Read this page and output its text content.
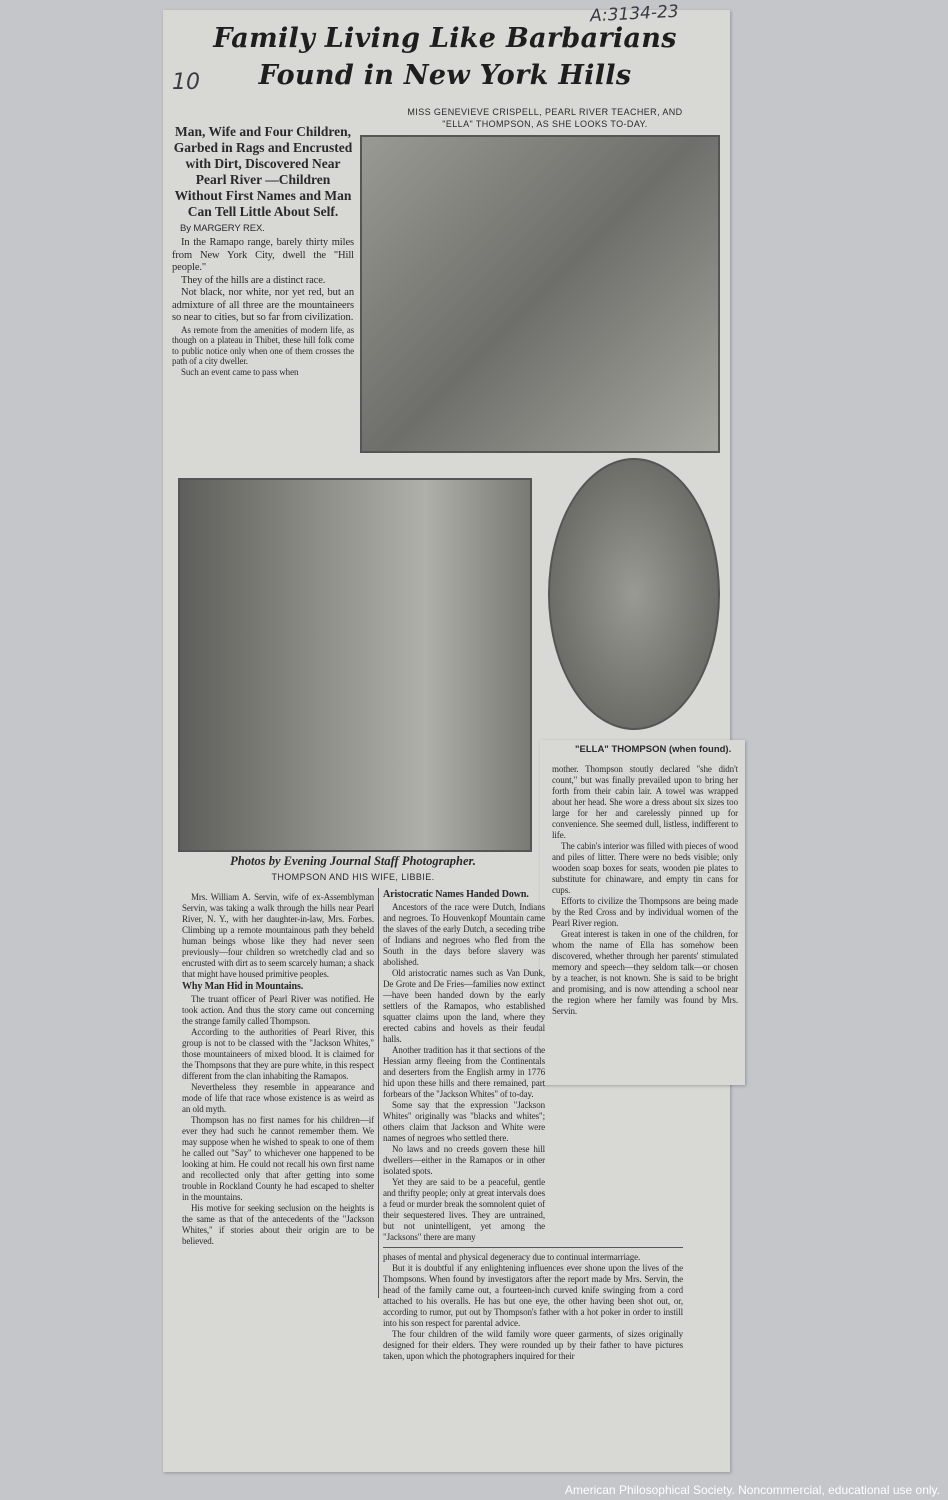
A:3134-23
10
Family Living Like Barbarians
Found in New York Hills
MISS GENEVIEVE CRISPELL, PEARL RIVER TEACHER, AND
"ELLA" THOMPSON, AS SHE LOOKS TO-DAY.
Man, Wife and Four Children, Garbed in Rags and Encrusted with Dirt, Discovered Near Pearl River —Children Without First Names and Man Can Tell Little About Self.
By MARGERY REX.

In the Ramapo range, barely thirty miles from New York City, dwell the "Hill people."

They of the hills are a distinct race.

Not black, nor white, nor yet red, but an admixture of all three are the mountaineers so near to cities, but so far from civilization.

As remote from the amenities of modern life, as though on a plateau in Thibet, these hill folk come to public notice only when one of them crosses the path of a city dweller.

Such an event came to pass when

"ELLA" THOMPSON (when found).
Photos by Evening Journal Staff Photographer.
THOMPSON AND HIS WIFE, LIBBIE.

mother. Thompson stoutly declared "she didn't count," but was finally prevailed upon to bring her forth from their cabin lair. A towel was wrapped about her head. She wore a dress about six sizes too large for her and carelessly pinned up for convenience. She seemed dull, listless, indifferent to life.

The cabin's interior was filled with pieces of wood and piles of litter. There were no beds visible; only wooden soap boxes for seats, wooden pie plates to substitute for chinaware, and empty tin cans for cups.

Efforts to civilize the Thompsons are being made by the Red Cross and by individual women of the Pearl River region.

Great interest is taken in one of the children, for whom the name of Ella has somehow been discovered, whether through her parents' stimulated memory and speech—they seldom talk—or chosen by a teacher, is not known. She is said to be bright and promising, and is now attending a school near the region where her family was found by Mrs. Servin.

Mrs. William A. Servin, wife of ex-Assemblyman Servin, was taking a walk through the hills near Pearl River, N. Y., with her daughter-in-law, Mrs. Forbes. Climbing up a remote mountainous path they beheld human beings whose like they had never seen previously—four children so wretchedly clad and so encrusted with dirt as to seem scarcely human; a shack that might have housed primitive peoples.

Why Man Hid in Mountains.

The truant officer of Pearl River was notified. He took action. And thus the story came out concerning the strange family called Thompson.

According to the authorities of Pearl River, this group is not to be classed with the "Jackson Whites," those mountaineers of mixed blood. It is claimed for the Thompsons that they are pure white, in this respect different from the clan inhabiting the Ramapos.

Nevertheless they resemble in appearance and mode of life that race whose existence is as weird as an old myth.

Thompson has no first names for his children—if ever they had such he cannot remember them. We may suppose when he wished to speak to one of them he called out "Say" to whichever one happened to be looking at him. He could not recall his own first name and recollected only that after getting into some trouble in Rockland County he had escaped to shelter in the mountains.

His motive for seeking seclusion on the heights is the same as that of the antecedents of the "Jackson Whites," if stories about their origin are to be believed.

Aristocratic Names Handed Down.

Ancestors of the race were Dutch, Indians and negroes. To Houvenkopf Mountain came the slaves of the early Dutch, a seceding tribe of Indians and negroes who fled from the South in the days before slavery was abolished.

Old aristocratic names such as Van Dunk, De Grote and De Fries—families now extinct—have been handed down by the early settlers of the Ramapos, who established squatter claims upon the land, where they erected cabins and hovels as their feudal halls.

Another tradition has it that sections of the Hessian army fleeing from the Continentals and deserters from the English army in 1776 hid upon these hills and there remained, part forbears of the "Jackson Whites" of to-day.

Some say that the expression "Jackson Whites" originally was "blacks and whites"; others claim that Jackson and White were names of negroes who settled there.

No laws and no creeds govern these hill dwellers—either in the Ramapos or in other isolated spots.

Yet they are said to be a peaceful, gentle and thrifty people; only at great intervals does a feud or murder break the somnolent quiet of their sequestered lives. They are untrained, but not unintelligent, yet among the "Jacksons" there are many

phases of mental and physical degeneracy due to continual intermarriage.

But it is doubtful if any enlightening influences ever shone upon the lives of the Thompsons. When found by investigators after the report made by Mrs. Servin, the head of the family came out, a fourteen-inch curved knife swinging from a cord attached to his overalls. He has but one eye, the other having been shot out, or, according to rumor, put out by Thompson's father with a hot poker in order to instill into his son respect for parental advice.

The four children of the wild family wore queer garments, of sizes originally designed for their elders. They were rounded up by their father to have pictures taken, upon which the photographers inquired for their

American Philosophical Society. Noncommercial, educational use only.
